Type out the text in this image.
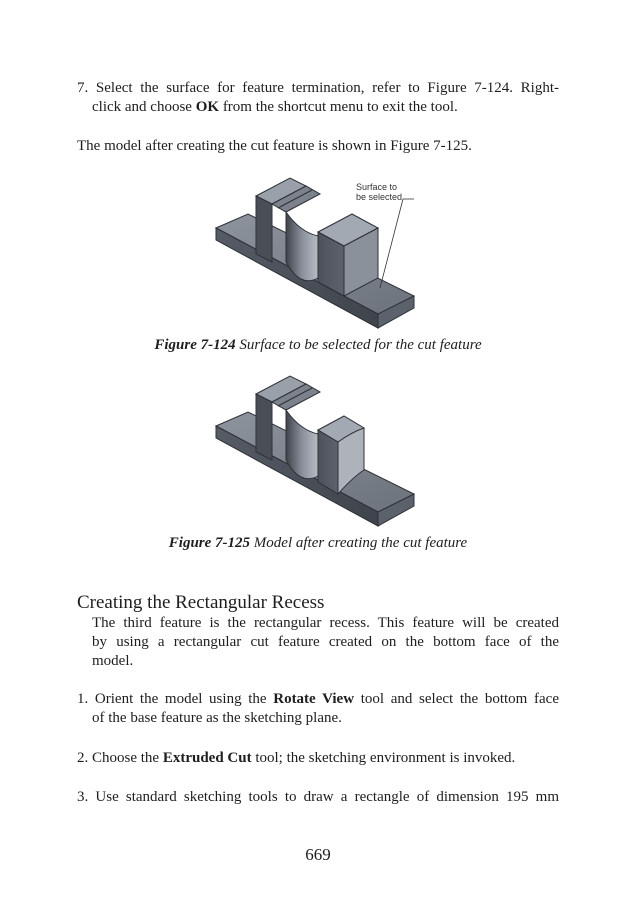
7. Select the surface for feature termination, refer to Figure 7-124. Right-
click and choose OK from the shortcut menu to exit the tool.
The model after creating the cut feature is shown in Figure 7-125.
Surface to
be selected
Figure 7-124 Surface to be selected for the cut feature
Figure 7-125 Model after creating the cut feature
Creating the Rectangular Recess
The third feature is the rectangular recess. This feature will be created
by using a rectangular cut feature created on the bottom face of the
model.
1. Orient the model using the Rotate View tool and select the bottom face
of the base feature as the sketching plane.
2. Choose the Extruded Cut tool; the sketching environment is invoked.
3. Use standard sketching tools to draw a rectangle of dimension 195 mm
669
